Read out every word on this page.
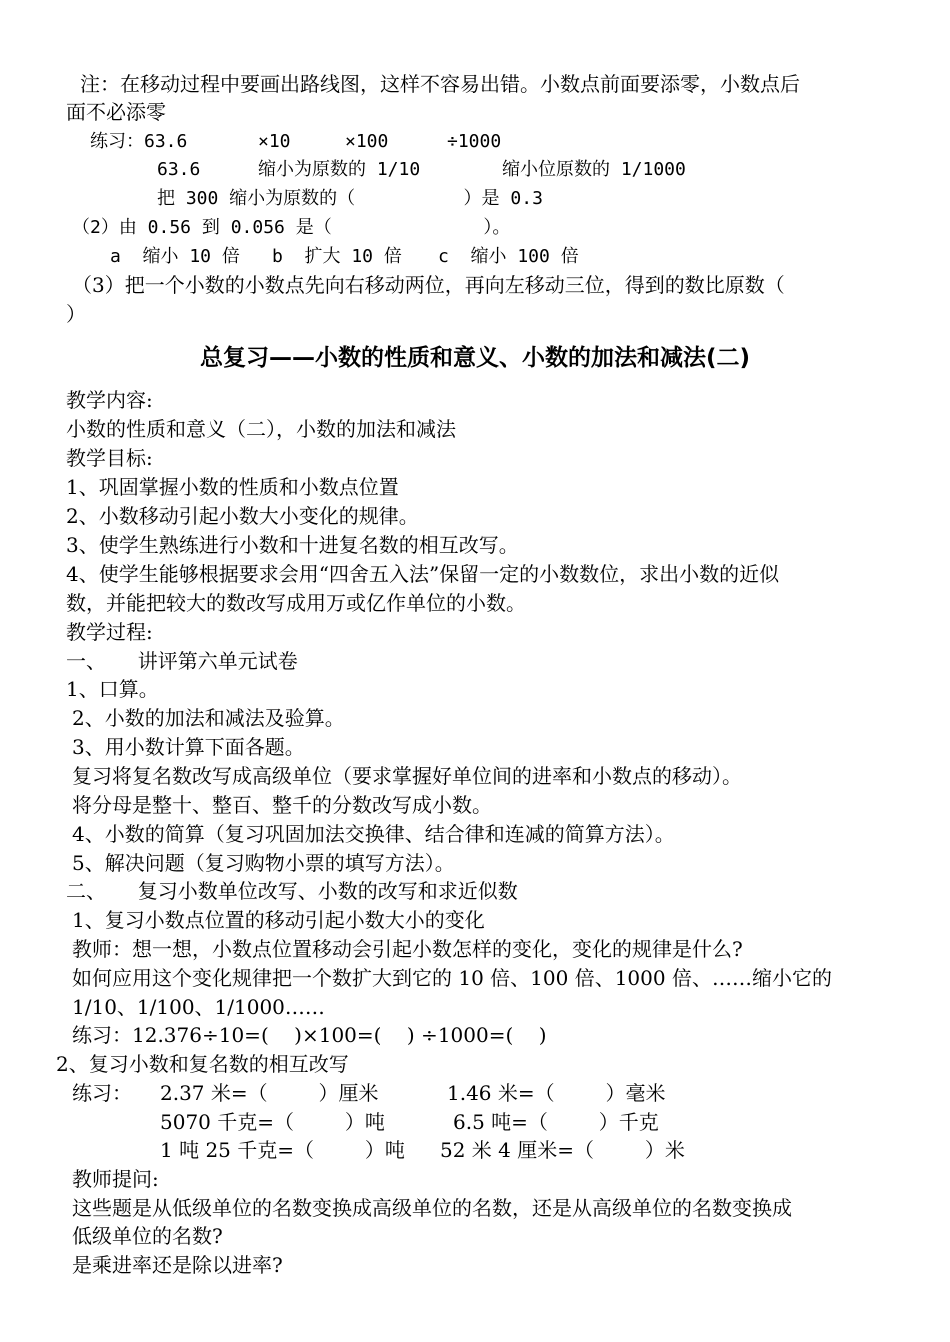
注：在移动过程中要画出路线图，这样不容易出错。小数点前面要添零，小数点后
面不必添零
练习：63.6	×10	×100	÷1000
63.6	缩小为原数的 1/10	缩小位原数的 1/1000
把 300 缩小为原数的（          ）是 0.3
（2）由 0.56 到 0.056 是（              ）。
a  缩小 10 倍 b  扩大 10 倍 c  缩小 100 倍
（3）把一个小数的小数点先向右移动两位，再向左移动三位，得到的数比原数（
）
总复习——小数的性质和意义、小数的加法和减法(二)
教学内容:
小数的性质和意义（二），小数的加法和减法
教学目标:
1、巩固掌握小数的性质和小数点位置
2、小数移动引起小数大小变化的规律。
3、使学生熟练进行小数和十进复名数的相互改写。
4、使学生能够根据要求会用“四舍五入法”保留一定的小数数位，求出小数的近似
数，并能把较大的数改写成用万或亿作单位的小数。
教学过程:
一、     讲评第六单元试卷
1、口算。
2、小数的加法和减法及验算。
3、用小数计算下面各题。
复习将复名数改写成高级单位（要求掌握好单位间的进率和小数点的移动）。
将分母是整十、整百、整千的分数改写成小数。
4、小数的简算（复习巩固加法交换律、结合律和连减的简算方法）。
5、解决问题（复习购物小票的填写方法）。
二、     复习小数单位改写、小数的改写和求近似数
1、复习小数点位置的移动引起小数大小的变化
教师：想一想，小数点位置移动会引起小数怎样的变化，变化的规律是什么?
如何应用这个变化规律把一个数扩大到它的 10 倍、100 倍、1000 倍、……缩小它的
1/10、1/100、1/1000……
练习：12.376÷10=(    )×100=(    ) ÷1000=(    )
2、复习小数和复名数的相互改写
练习： 2.37 米=（        ）厘米	1.46 米=（        ）毫米
5070 千克=（        ）吨	6.5 吨=（        ）千克
1 吨 25 千克=（        ）吨 52 米 4 厘米=（        ）米
教师提问:
这些题是从低级单位的名数变换成高级单位的名数，还是从高级单位的名数变换成
低级单位的名数?
是乘进率还是除以进率?
